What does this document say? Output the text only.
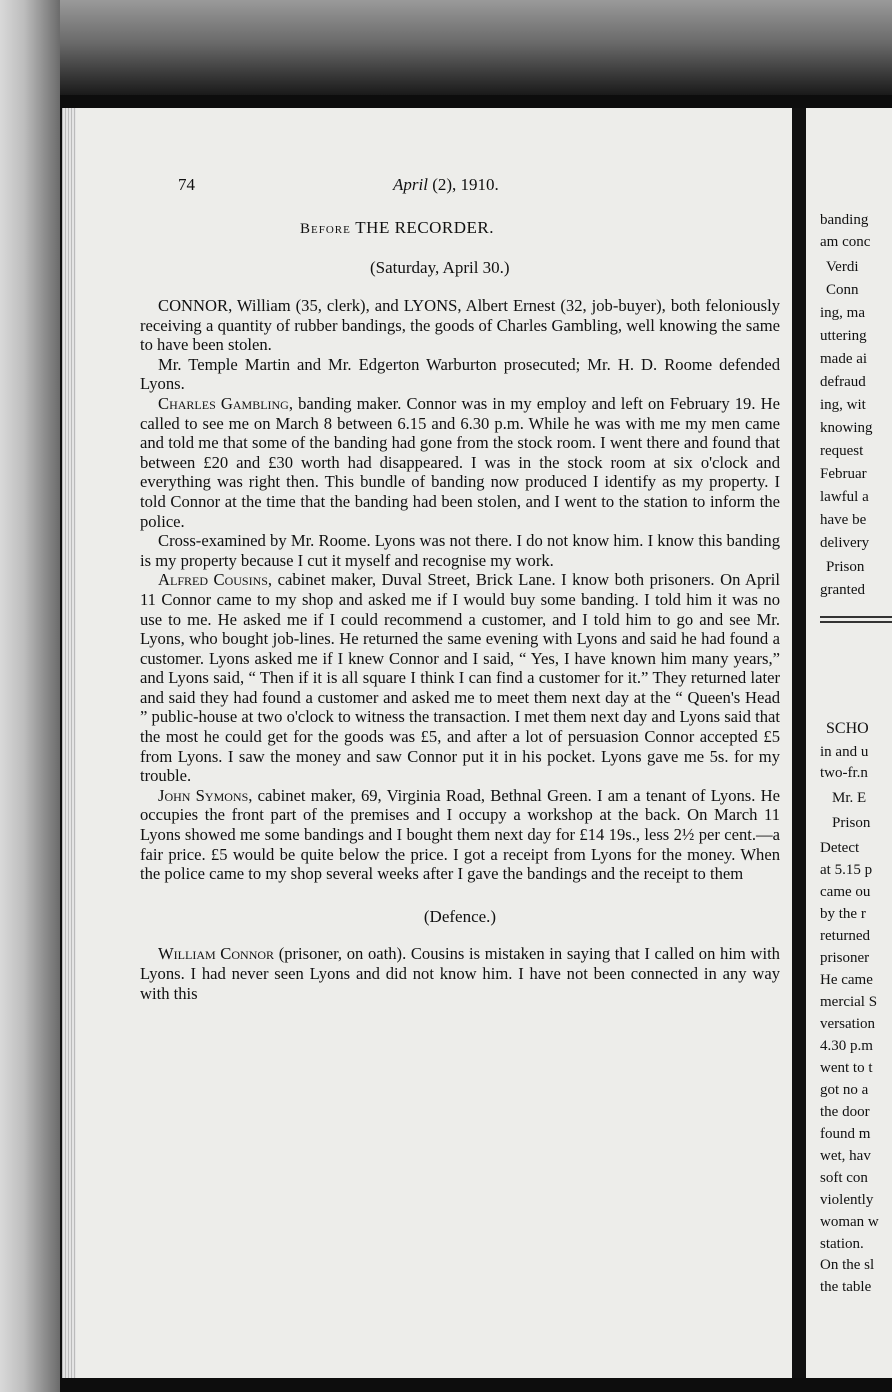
74	April (2), 1910.
Before THE RECORDER.
(Saturday, April 30.)

CONNOR, William (35, clerk), and LYONS, Albert Ernest (32, job-buyer), both feloniously receiving a quantity of rubber bandings, the goods of Charles Gambling, well knowing the same to have been stolen.

Mr. Temple Martin and Mr. Edgerton Warburton prosecuted; Mr. H. D. Roome defended Lyons.

Charles Gambling, banding maker. Connor was in my employ and left on February 19. He called to see me on March 8 between 6.15 and 6.30 p.m. While he was with me my men came and told me that some of the banding had gone from the stock room. I went there and found that between £20 and £30 worth had disappeared. I was in the stock room at six o'clock and everything was right then. This bundle of banding now produced I identify as my property. I told Connor at the time that the banding had been stolen, and I went to the station to inform the police.

Cross-examined by Mr. Roome. Lyons was not there. I do not know him. I know this banding is my property because I cut it myself and recognise my work.

Alfred Cousins, cabinet maker, Duval Street, Brick Lane. I know both prisoners. On April 11 Connor came to my shop and asked me if I would buy some banding. I told him it was no use to me. He asked me if I could recommend a customer, and I told him to go and see Mr. Lyons, who bought job-lines. He returned the same evening with Lyons and said he had found a customer. Lyons asked me if I knew Connor and I said, “ Yes, I have known him many years,” and Lyons said, “ Then if it is all square I think I can find a customer for it.” They returned later and said they had found a customer and asked me to meet them next day at the “ Queen's Head ” public-house at two o'clock to witness the transaction. I met them next day and Lyons said that the most he could get for the goods was £5, and after a lot of persuasion Connor accepted £5 from Lyons. I saw the money and saw Connor put it in his pocket. Lyons gave me 5s. for my trouble.

John Symons, cabinet maker, 69, Virginia Road, Bethnal Green. I am a tenant of Lyons. He occupies the front part of the premises and I occupy a workshop at the back. On March 11 Lyons showed me some bandings and I bought them next day for £14 19s., less 2½ per cent.—a fair price. £5 would be quite below the price. I got a receipt from Lyons for the money. When the police came to my shop several weeks after I gave the bandings and the receipt to them

(Defence.)

William Connor (prisoner, on oath). Cousins is mistaken in saying that I called on him with Lyons. I had never seen Lyons and did not know him. I have not been connected in any way with this

banding
am conc
Verdi
Conn
ing, ma
uttering
made ai
defraud
ing, wit
knowing
request
Februar
lawful a
have be
delivery
Prison
granted
SCHO
in and u
two-fr.n
Mr. E
Prison
Detect
at 5.15 p
came ou
by the r
returned
prisoner
He came
mercial S
versation
4.30 p.m
went to t
got no a
the door
found m
wet, hav
soft con
violently
woman w
station.
On the sl
the table
